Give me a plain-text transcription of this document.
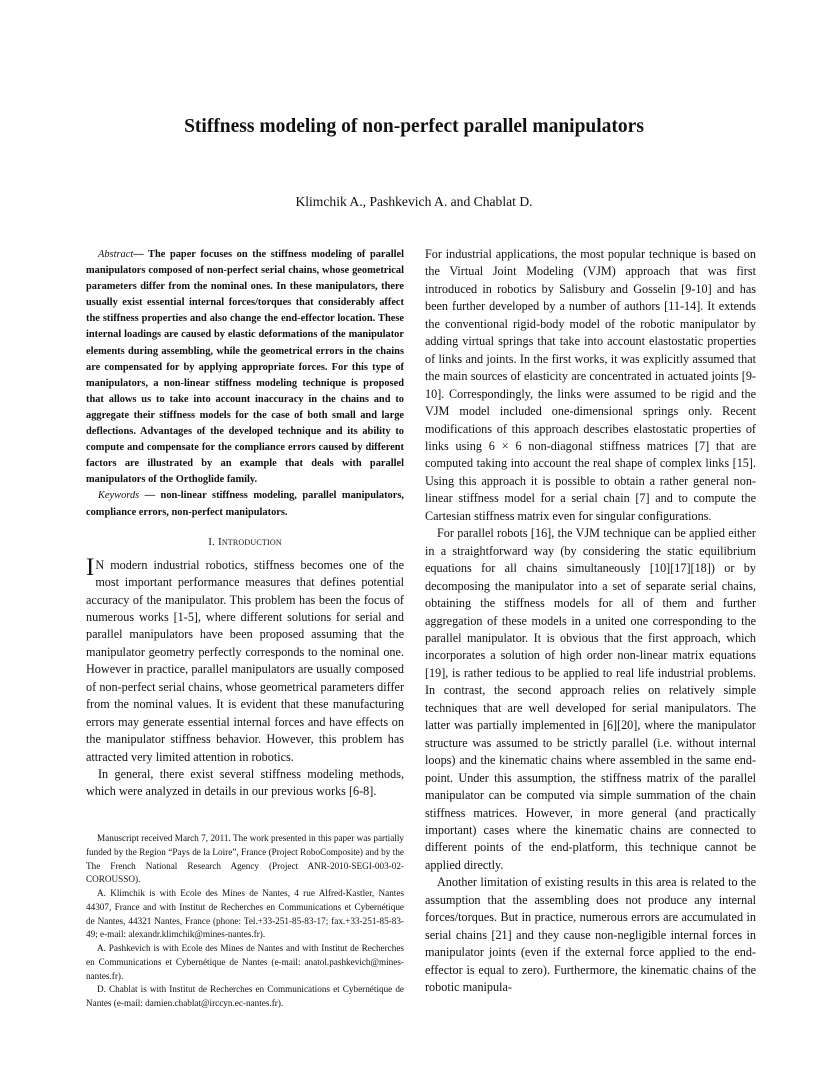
Stiffness modeling of non-perfect parallel manipulators

Klimchik A., Pashkevich A. and Chablat D.

Abstract— The paper focuses on the stiffness modeling of parallel manipulators composed of non-perfect serial chains, whose geometrical parameters differ from the nominal ones. In these manipulators, there usually exist essential internal forces/torques that considerably affect the stiffness properties and also change the end-effector location. These internal loadings are caused by elastic deformations of the manipulator elements during assembling, while the geometrical errors in the chains are compensated for by applying appropriate forces. For this type of manipulators, a non-linear stiffness modeling technique is proposed that allows us to take into account inaccuracy in the chains and to aggregate their stiffness models for the case of both small and large deflections. Advantages of the developed technique and its ability to compute and compensate for the compliance errors caused by different factors are illustrated by an example that deals with parallel manipulators of the Orthoglide family.

Keywords — non-linear stiffness modeling, parallel manipulators, compliance errors, non-perfect manipulators.

I. Introduction

I N modern industrial robotics, stiffness becomes one of the most important performance measures that defines potential accuracy of the manipulator. This problem has been the focus of numerous works [1-5], where different solutions for serial and parallel manipulators have been proposed assuming that the manipulator geometry perfectly corresponds to the nominal one. However in practice, parallel manipulators are usually composed of non-perfect serial chains, whose geometrical parameters differ from the nominal values. It is evident that these manufacturing errors may generate essential internal forces and have effects on the manipulator stiffness behavior. However, this problem has attracted very limited attention in robotics.

In general, there exist several stiffness modeling methods, which were analyzed in details in our previous works [6-8].

Manuscript received March 7, 2011. The work presented in this paper was partially funded by the Region “Pays de la Loire”, France (Project RoboComposite) and by the The French National Research Agency (Project ANR-2010-SEGI-003-02-COROUSSO).

A. Klimchik is with Ecole des Mines de Nantes, 4 rue Alfred-Kastler, Nantes 44307, France and with Institut de Recherches en Communications et Cybernétique de Nantes, 44321 Nantes, France (phone: Tel.+33-251-85-83-17; fax.+33-251-85-83-49; e-mail: alexandr.klimchik@mines-nantes.fr).

A. Pashkevich is with Ecole des Mines de Nantes and with Institut de Recherches en Communications et Cybernétique de Nantes (e-mail: anatol.pashkevich@mines-nantes.fr).

D. Chablat is with Institut de Recherches en Communications et Cybernétique de Nantes (e-mail: damien.chablat@irccyn.ec-nantes.fr).

For industrial applications, the most popular technique is based on the Virtual Joint Modeling (VJM) approach that was first introduced in robotics by Salisbury and Gosselin [9-10] and has been further developed by a number of authors [11-14]. It extends the conventional rigid-body model of the robotic manipulator by adding virtual springs that take into account elastostatic properties of links and joints. In the first works, it was explicitly assumed that the main sources of elasticity are concentrated in actuated joints [9-10]. Correspondingly, the links were assumed to be rigid and the VJM model included one-dimensional springs only. Recent modifications of this approach describes elastostatic properties of links using 6 × 6 non-diagonal stiffness matrices [7] that are computed taking into account the real shape of complex links [15]. Using this approach it is possible to obtain a rather general non-linear stiffness model for a serial chain [7] and to compute the Cartesian stiffness matrix even for singular configurations.

For parallel robots [16], the VJM technique can be applied either in a straightforward way (by considering the static equilibrium equations for all chains simultaneously [10][17][18]) or by decomposing the manipulator into a set of separate serial chains, obtaining the stiffness models for all of them and further aggregation of these models in a united one corresponding to the parallel manipulator. It is obvious that the first approach, which incorporates a solution of high order non-linear matrix equations [19], is rather tedious to be applied to real life industrial problems. In contrast, the second approach relies on relatively simple techniques that are well developed for serial manipulators. The latter was partially implemented in [6][20], where the manipulator structure was assumed to be strictly parallel (i.e. without internal loops) and the kinematic chains where assembled in the same end-point. Under this assumption, the stiffness matrix of the parallel manipulator can be computed via simple summation of the chain stiffness matrices. However, in more general (and practically important) cases where the kinematic chains are connected to different points of the end-platform, this technique cannot be applied directly.

Another limitation of existing results in this area is related to the assumption that the assembling does not produce any internal forces/torques. But in practice, numerous errors are accumulated in serial chains [21] and they cause non-negligible internal forces in manipulator joints (even if the external force applied to the end-effector is equal to zero). Furthermore, the kinematic chains of the robotic manipula-
